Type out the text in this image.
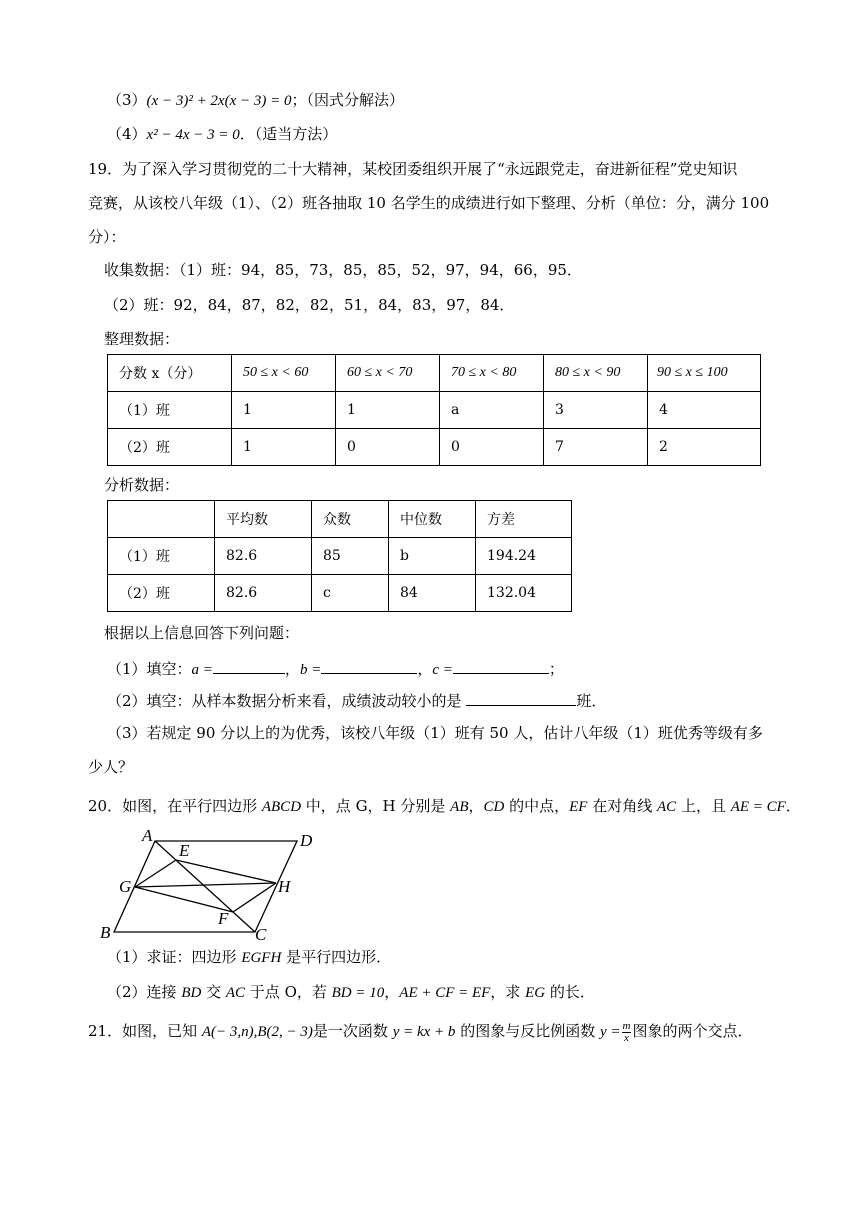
（3）(x − 3)² + 2x(x − 3) = 0；（因式分解法）
（4）x² − 4x − 3 = 0．（适当方法）
19．为了深入学习贯彻党的二十大精神，某校团委组织开展了“永远跟党走，奋进新征程”党史知识
竞赛，从该校八年级（1）、（2）班各抽取 10 名学生的成绩进行如下整理、分析（单位：分，满分 100
分）：
收集数据：（1）班：94，85，73，85，85，52，97，94，66，95．
（2）班：92，84，87，82，82，51，84，83，97，84．
整理数据：
分数 x（分）	50 ≤ x < 60	60 ≤ x < 70	70 ≤ x < 80	80 ≤ x < 90	90 ≤ x ≤ 100
（1）班	1	1	a	3	4
（2）班	1	0	0	7	2
分析数据：
	平均数	众数	中位数	方差
（1）班	82.6	85	b	194.24
（2）班	82.6	c	84	132.04
根据以上信息回答下列问题：
（1）填空：a =	，b =	，c =	；
（2）填空：从样本数据分析来看，成绩波动较小的是	班．
（3）若规定 90 分以上的为优秀，该校八年级（1）班有 50 人，估计八年级（1）班优秀等级有多
少人？
20．如图，在平行四边形 ABCD 中，点 G，H 分别是 AB，CD 的中点，EF 在对角线 AC 上，且 AE = CF．
A	D
E
G	H
F
B	C
（1）求证：四边形 EGFH 是平行四边形．
（2）连接 BD 交 AC 于点 O，若 BD = 10，AE + CF = EF，求 EG 的长．
21．如图，已知 A(− 3,n),B(2, − 3)是一次函数 y = kx + b 的图象与反比例函数 $y = \frac{m}{x}$ 图象的两个交点．
